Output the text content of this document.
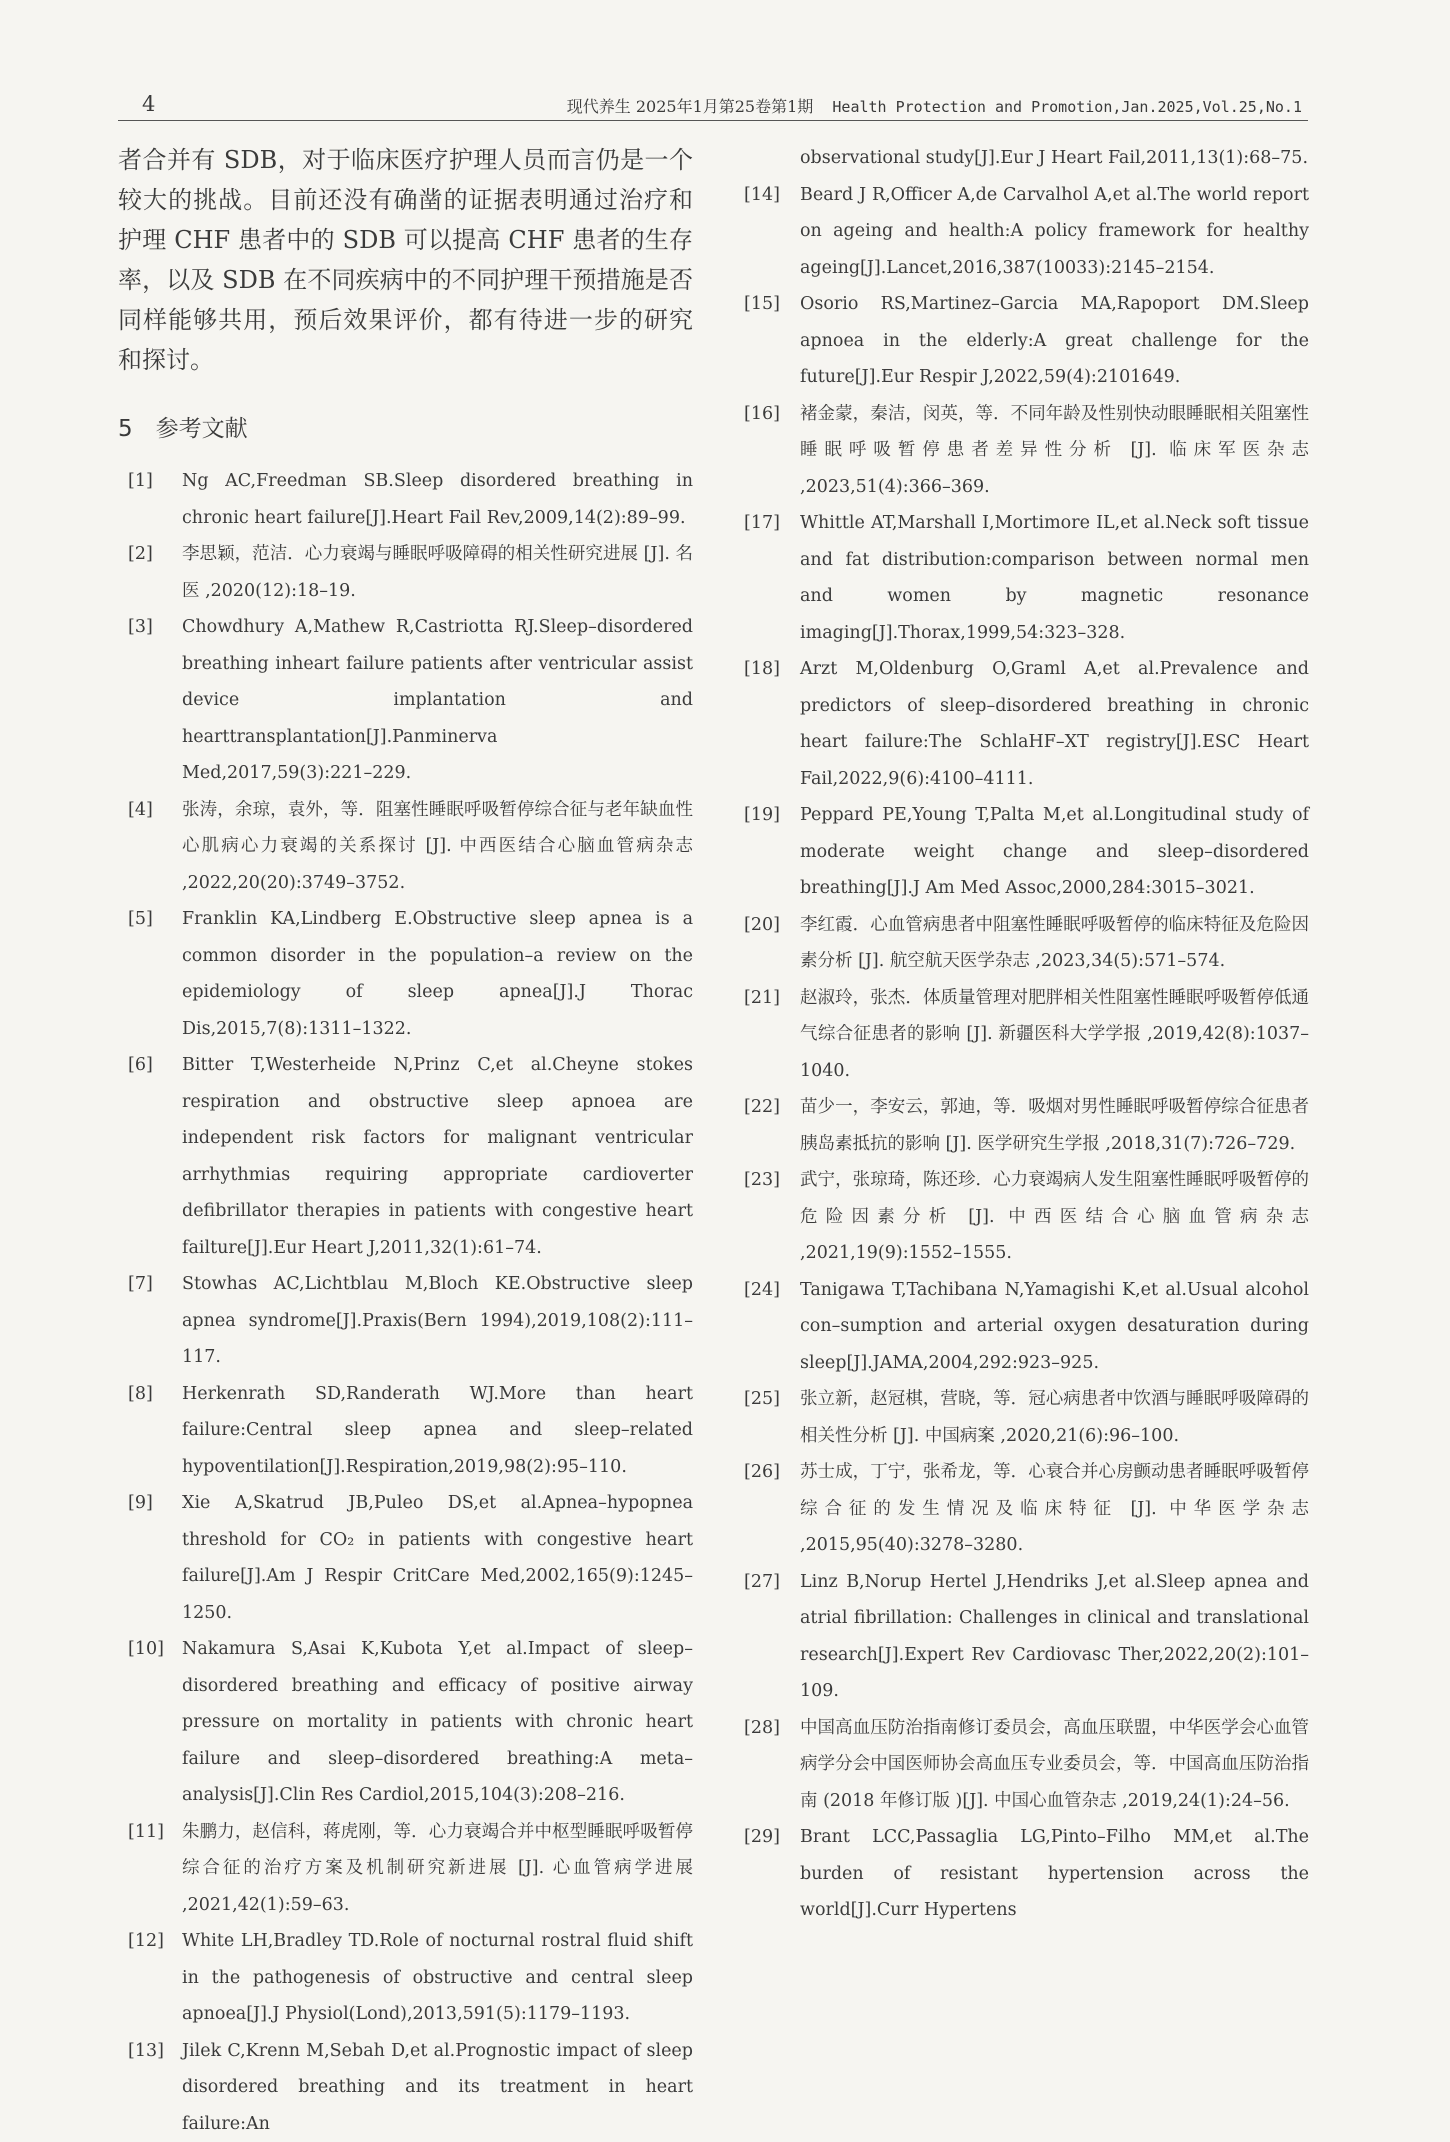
4	现代养生 2025年1月第25卷第1期 Health Protection and Promotion,Jan.2025,Vol.25,No.1

者合并有 SDB，对于临床医疗护理人员而言仍是一个较大的挑战。目前还没有确凿的证据表明通过治疗和护理 CHF 患者中的 SDB 可以提高 CHF 患者的生存率，以及 SDB 在不同疾病中的不同护理干预措施是否同样能够共用，预后效果评价，都有待进一步的研究和探讨。

5　参考文献
[1]	Ng AC,Freedman SB.Sleep disordered breathing in chronic heart failure[J].Heart Fail Rev,2009,14(2):89–99.
[2]	李思颖，范洁．心力衰竭与睡眠呼吸障碍的相关性研究进展 [J]. 名医 ,2020(12):18–19.
[3]	Chowdhury A,Mathew R,Castriotta RJ.Sleep–disordered breathing inheart failure patients after ventricular assist device implantation and hearttransplantation[J].Panminerva Med,2017,59(3):221–229.
[4]	张涛，余琼，袁外，等．阻塞性睡眠呼吸暂停综合征与老年缺血性心肌病心力衰竭的关系探讨 [J]. 中西医结合心脑血管病杂志 ,2022,20(20):3749–3752.
[5]	Franklin KA,Lindberg E.Obstructive sleep apnea is a common disorder in the population–a review on the epidemiology of sleep apnea[J].J Thorac Dis,2015,7(8):1311–1322.
[6]	Bitter T,Westerheide N,Prinz C,et al.Cheyne stokes respiration and obstructive sleep apnoea are independent risk factors for malignant ventricular arrhythmias requiring appropriate cardioverter defibrillator therapies in patients with congestive heart failture[J].Eur Heart J,2011,32(1):61–74.
[7]	Stowhas AC,Lichtblau M,Bloch KE.Obstructive sleep apnea syndrome[J].Praxis(Bern 1994),2019,108(2):111–117.
[8]	Herkenrath SD,Randerath WJ.More than heart failure:Central sleep apnea and sleep–related hypoventilation[J].Respiration,2019,98(2):95–110.
[9]	Xie A,Skatrud JB,Puleo DS,et al.Apnea–hypopnea threshold for CO₂ in patients with congestive heart failure[J].Am J Respir CritCare Med,2002,165(9):1245–1250.
[10]	Nakamura S,Asai K,Kubota Y,et al.Impact of sleep–disordered breathing and efficacy of positive airway pressure on mortality in patients with chronic heart failure and sleep–disordered breathing:A meta–analysis[J].Clin Res Cardiol,2015,104(3):208–216.
[11]	朱鹏力，赵信科，蒋虎刚，等．心力衰竭合并中枢型睡眠呼吸暂停综合征的治疗方案及机制研究新进展 [J]. 心血管病学进展 ,2021,42(1):59–63.
[12]	White LH,Bradley TD.Role of nocturnal rostral fluid shift in the pathogenesis of obstructive and central sleep apnoea[J].J Physiol(Lond),2013,591(5):1179–1193.
[13]	Jilek C,Krenn M,Sebah D,et al.Prognostic impact of sleep disordered breathing and its treatment in heart failure:An
observational study[J].Eur J Heart Fail,2011,13(1):68–75.
[14]	Beard J R,Officer A,de Carvalhol A,et al.The world report on ageing and health:A policy framework for healthy ageing[J].Lancet,2016,387(10033):2145–2154.
[15]	Osorio RS,Martinez–Garcia MA,Rapoport DM.Sleep apnoea in the elderly:A great challenge for the future[J].Eur Respir J,2022,59(4):2101649.
[16]	褚金蒙，秦洁，闵英，等．不同年龄及性别快动眼睡眠相关阻塞性睡眠呼吸暂停患者差异性分析 [J]. 临床军医杂志 ,2023,51(4):366–369.
[17]	Whittle AT,Marshall I,Mortimore IL,et al.Neck soft tissue and fat distribution:comparison between normal men and women by magnetic resonance imaging[J].Thorax,1999,54:323–328.
[18]	Arzt M,Oldenburg O,Graml A,et al.Prevalence and predictors of sleep–disordered breathing in chronic heart failure:The SchlaHF–XT registry[J].ESC Heart Fail,2022,9(6):4100–4111.
[19]	Peppard PE,Young T,Palta M,et al.Longitudinal study of moderate weight change and sleep–disordered breathing[J].J Am Med Assoc,2000,284:3015–3021.
[20]	李红霞．心血管病患者中阻塞性睡眠呼吸暂停的临床特征及危险因素分析 [J]. 航空航天医学杂志 ,2023,34(5):571–574.
[21]	赵淑玲，张杰．体质量管理对肥胖相关性阻塞性睡眠呼吸暂停低通气综合征患者的影响 [J]. 新疆医科大学学报 ,2019,42(8):1037–1040.
[22]	苗少一，李安云，郭迪，等．吸烟对男性睡眠呼吸暂停综合征患者胰岛素抵抗的影响 [J]. 医学研究生学报 ,2018,31(7):726–729.
[23]	武宁，张琼琦，陈还珍．心力衰竭病人发生阻塞性睡眠呼吸暂停的危险因素分析 [J]. 中西医结合心脑血管病杂志 ,2021,19(9):1552–1555.
[24]	Tanigawa T,Tachibana N,Yamagishi K,et al.Usual alcohol con–sumption and arterial oxygen desaturation during sleep[J].JAMA,2004,292:923–925.
[25]	张立新，赵冠棋，营晓，等．冠心病患者中饮酒与睡眠呼吸障碍的相关性分析 [J]. 中国病案 ,2020,21(6):96–100.
[26]	苏士成，丁宁，张希龙，等．心衰合并心房颤动患者睡眠呼吸暂停综合征的发生情况及临床特征 [J]. 中华医学杂志 ,2015,95(40):3278–3280.
[27]	Linz B,Norup Hertel J,Hendriks J,et al.Sleep apnea and atrial fibrillation: Challenges in clinical and translational research[J].Expert Rev Cardiovasc Ther,2022,20(2):101–109.
[28]	中国高血压防治指南修订委员会，高血压联盟，中华医学会心血管病学分会中国医师协会高血压专业委员会，等．中国高血压防治指南 (2018 年修订版 )[J]. 中国心血管杂志 ,2019,24(1):24–56.
[29]	Brant LCC,Passaglia LG,Pinto–Filho MM,et al.The burden of resistant hypertension across the world[J].Curr Hypertens
